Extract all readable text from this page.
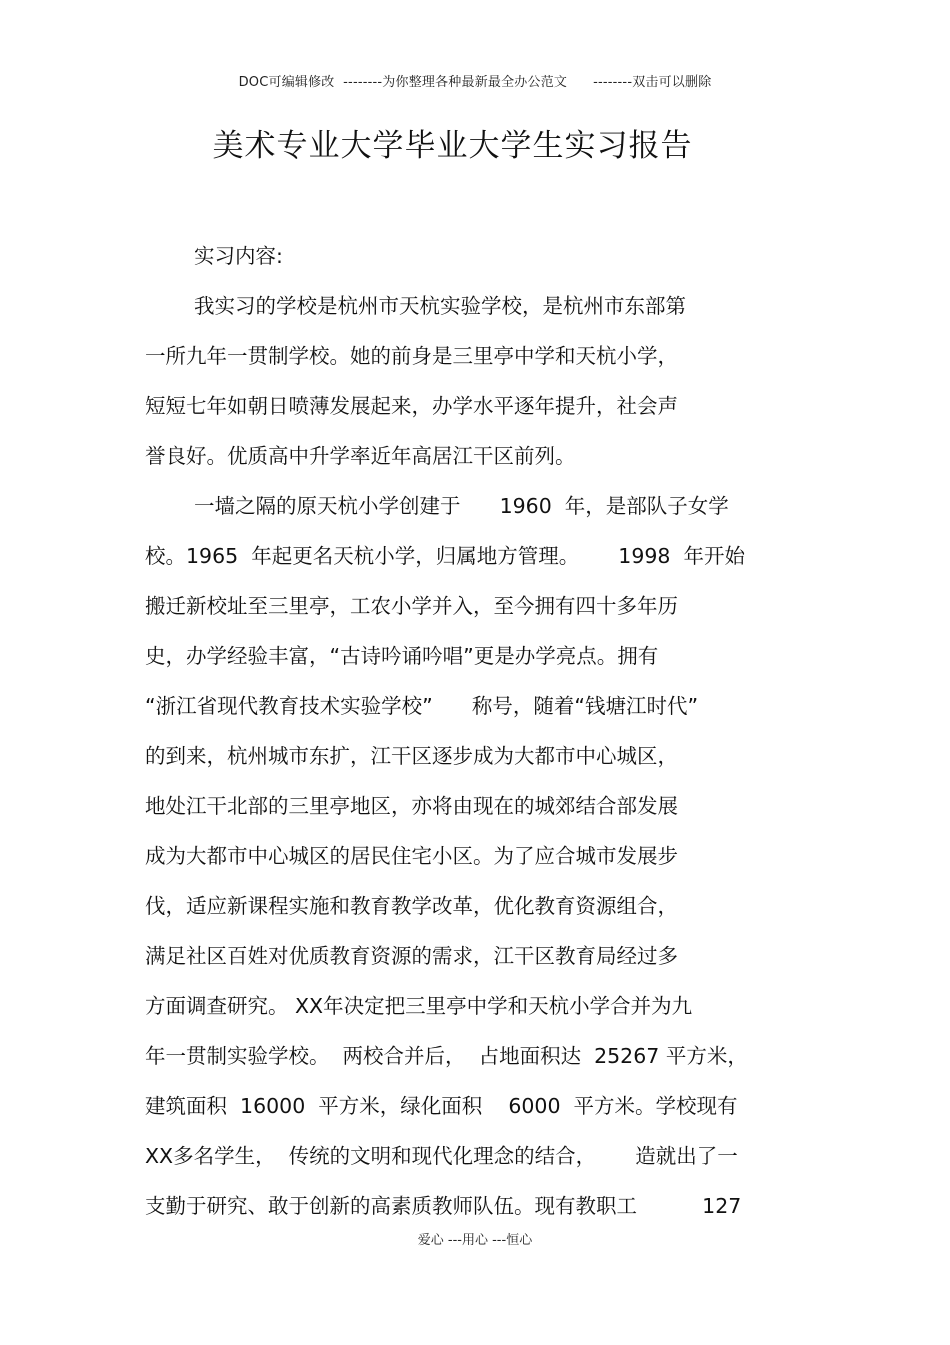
DOC可编辑修改  --------为你整理各种最新最全办公范文      --------双击可以删除
美术专业大学毕业大学生实习报告
实习内容:
我实习的学校是杭州市天杭实验学校，是杭州市东部第
一所九年一贯制学校。她的前身是三里亭中学和天杭小学，
短短七年如朝日喷薄发展起来，办学水平逐年提升，社会声
誉良好。优质高中升学率近年高居江干区前列。
一墙之隔的原天杭小学创建于      1960  年，是部队子女学
校。1965  年起更名天杭小学，归属地方管理。      1998  年开始
搬迁新校址至三里亭，工农小学并入，至今拥有四十多年历
史，办学经验丰富，“古诗吟诵吟唱”更是办学亮点。拥有
“浙江省现代教育技术实验学校”      称号，随着“钱塘江时代”
的到来，杭州城市东扩，江干区逐步成为大都市中心城区，
地处江干北部的三里亭地区，亦将由现在的城郊结合部发展
成为大都市中心城区的居民住宅小区。为了应合城市发展步
伐，适应新课程实施和教育教学改革，优化教育资源组合，
满足社区百姓对优质教育资源的需求，江干区教育局经过多
方面调查研究。 XX年决定把三里亭中学和天杭小学合并为九
年一贯制实验学校。  两校合并后，  占地面积达  25267 平方米，
建筑面积  16000  平方米，绿化面积    6000  平方米。学校现有
XX多名学生，  传统的文明和现代化理念的结合，      造就出了一
支勤于研究、敢于创新的高素质教师队伍。现有教职工          127
爱心 ---用心 ---恒心
